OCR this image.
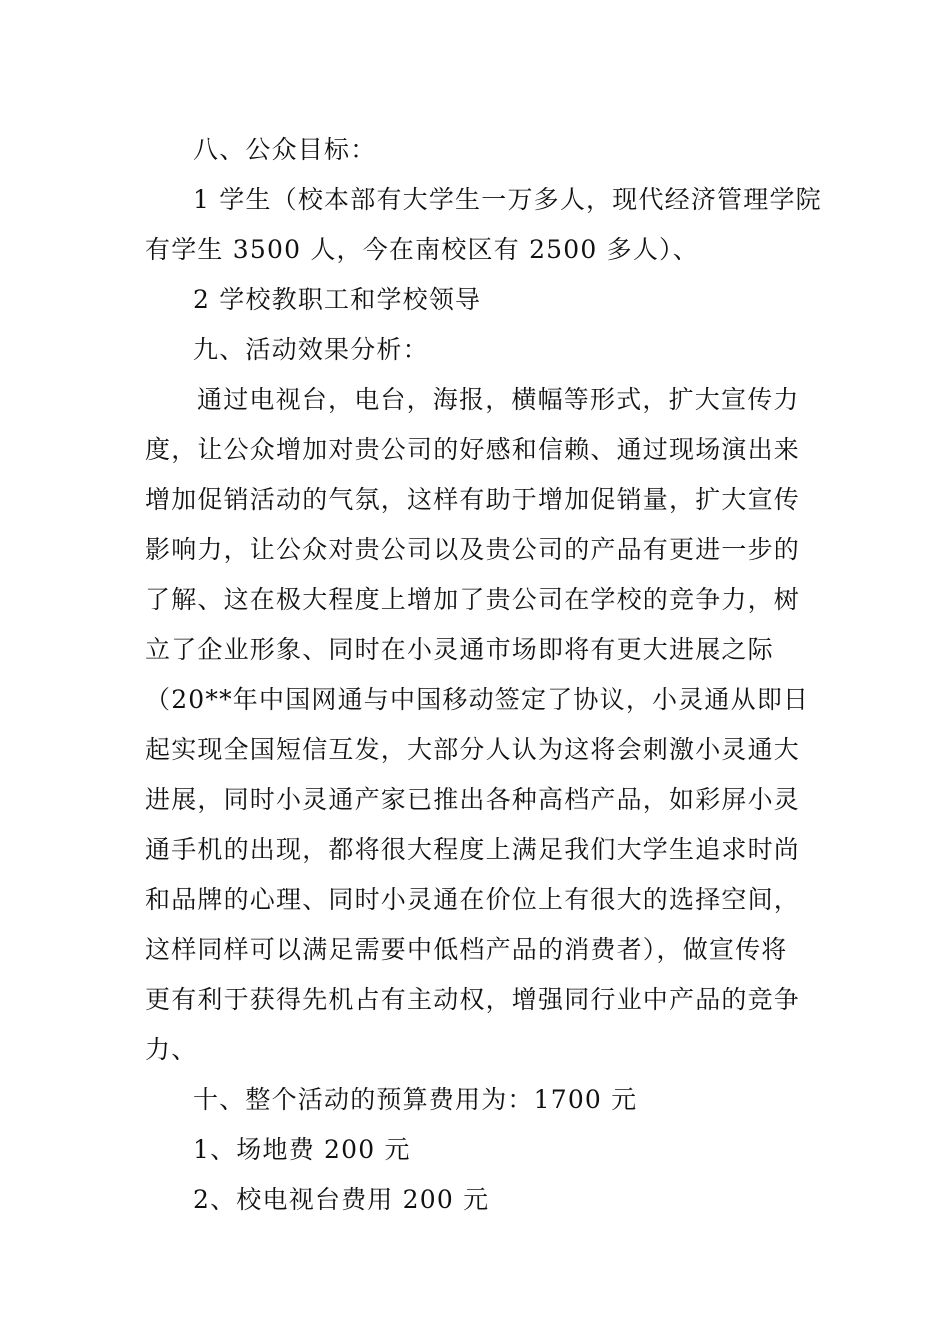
八、公众目标：
1 学生（校本部有大学生一万多人，现代经济管理学院
有学生 3500 人，今在南校区有 2500 多人）、
2 学校教职工和学校领导
九、活动效果分析：
通过电视台，电台，海报，横幅等形式，扩大宣传力
度，让公众增加对贵公司的好感和信赖、通过现场演出来
增加促销活动的气氛，这样有助于增加促销量，扩大宣传
影响力，让公众对贵公司以及贵公司的产品有更进一步的
了解、这在极大程度上增加了贵公司在学校的竞争力，树
立了企业形象、同时在小灵通市场即将有更大进展之际
（20**年中国网通与中国移动签定了协议，小灵通从即日
起实现全国短信互发，大部分人认为这将会刺激小灵通大
进展，同时小灵通产家已推出各种高档产品，如彩屏小灵
通手机的出现，都将很大程度上满足我们大学生追求时尚
和品牌的心理、同时小灵通在价位上有很大的选择空间，
这样同样可以满足需要中低档产品的消费者），做宣传将
更有利于获得先机占有主动权，增强同行业中产品的竞争
力、
十、整个活动的预算费用为：1700 元
1、场地费 200 元
2、校电视台费用 200 元
